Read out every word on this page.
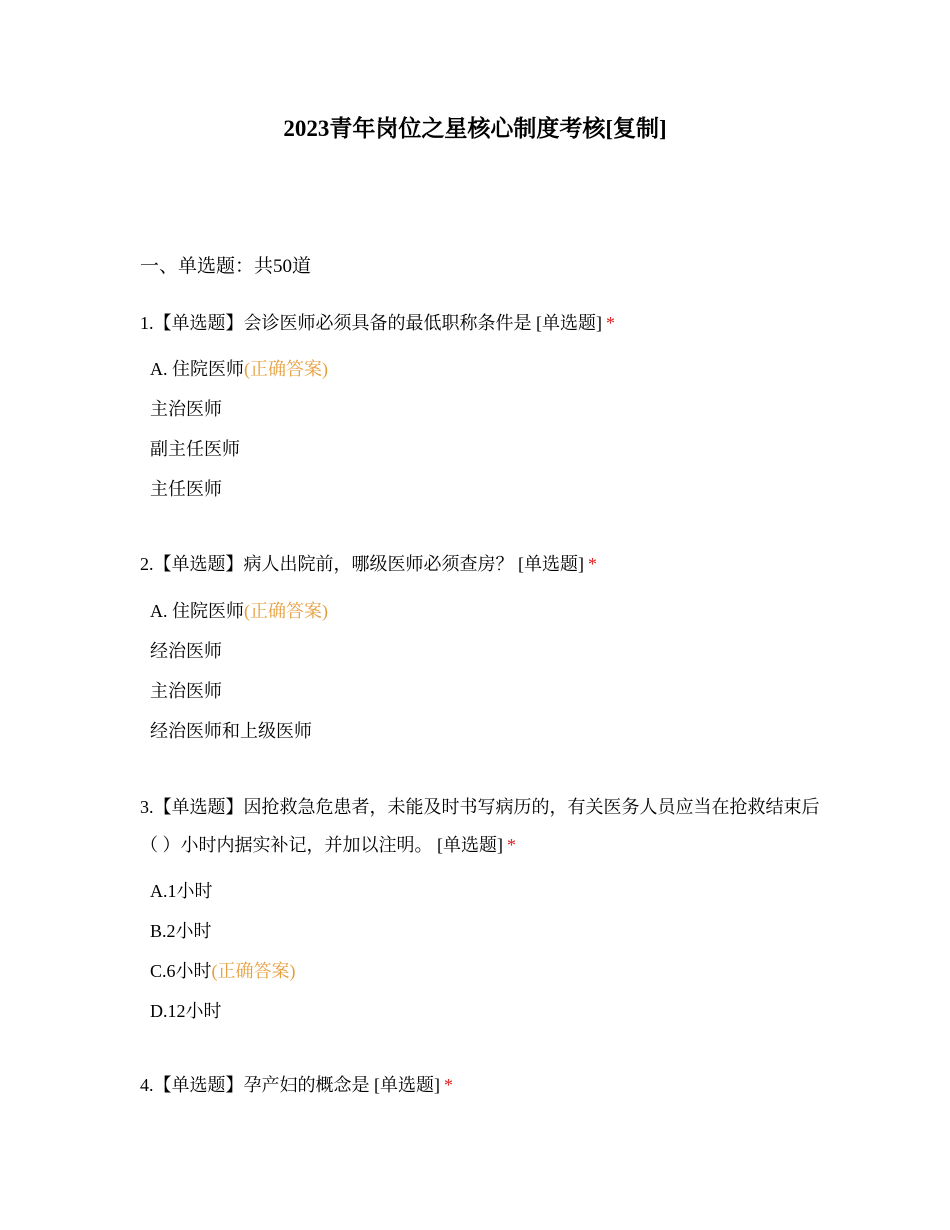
2023青年岗位之星核心制度考核[复制]
一、单选题：共50道
1.【单选题】会诊医师必须具备的最低职称条件是 [单选题] *
A. 住院医师(正确答案)
主治医师
副主任医师
主任医师
2.【单选题】病人出院前，哪级医师必须查房？ [单选题] *
A. 住院医师(正确答案)
经治医师
主治医师
经治医师和上级医师
3.【单选题】因抢救急危患者，未能及时书写病历的，有关医务人员应当在抢救结束后（ ）小时内据实补记，并加以注明。 [单选题] *
A.1小时
B.2小时
C.6小时(正确答案)
D.12小时
4.【单选题】孕产妇的概念是 [单选题] *
